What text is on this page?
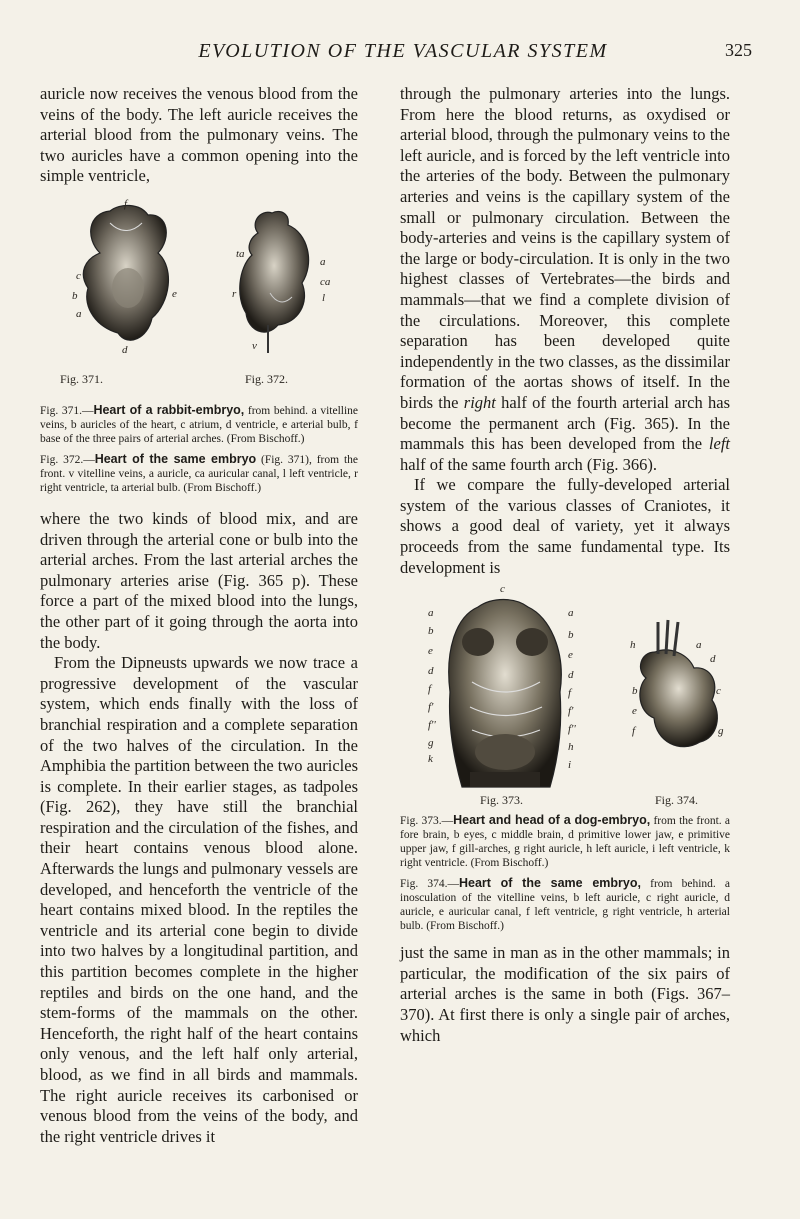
EVOLUTION OF THE VASCULAR SYSTEM	325

auricle now receives the venous blood from the veins of the body. The left auricle receives the arterial blood from the pulmonary veins. The two auricles have a common opening into the simple ventricle,

f
c
b	e
a
d
ta
a
ca
r	l
v
Fig. 371.	Fig. 372.

Fig. 371.—Heart of a rabbit-embryo, from behind. a vitelline veins, b auricles of the heart, c atrium, d ventricle, e arterial bulb, f base of the three pairs of arterial arches. (From Bischoff.)

Fig. 372.—Heart of the same embryo (Fig. 371), from the front. v vitelline veins, a auricle, ca auricular canal, l left ventricle, r right ventricle, ta arterial bulb. (From Bischoff.)

where the two kinds of blood mix, and are driven through the arterial cone or bulb into the arterial arches. From the last arterial arches the pulmonary arteries arise (Fig. 365 p). These force a part of the mixed blood into the lungs, the other part of it going through the aorta into the body.

From the Dipneusts upwards we now trace a progressive development of the vascular system, which ends finally with the loss of branchial respiration and a complete separation of the two halves of the circulation. In the Amphibia the partition between the two auricles is complete. In their earlier stages, as tadpoles (Fig. 262), they have still the branchial respiration and the circulation of the fishes, and their heart contains venous blood alone. Afterwards the lungs and pulmonary vessels are developed, and henceforth the ventricle of the heart contains mixed blood. In the reptiles the ventricle and its arterial cone begin to divide into two halves by a longitudinal partition, and this partition becomes complete in the higher reptiles and birds on the one hand, and the stem-forms of the mammals on the other. Henceforth, the right half of the heart contains only venous, and the left half only arterial, blood, as we find in all birds and mammals. The right auricle receives its carbonised or venous blood from the veins of the body, and the right ventricle drives it

through the pulmonary arteries into the lungs. From here the blood returns, as oxydised or arterial blood, through the pulmonary veins to the left auricle, and is forced by the left ventricle into the arteries of the body. Between the pulmonary arteries and veins is the capillary system of the small or pulmonary circulation. Between the body-arteries and veins is the capillary system of the large or body-circulation. It is only in the two highest classes of Vertebrates—the birds and mammals—that we find a complete division of the circulations. Moreover, this complete separation has been developed quite independently in the two classes, as the dissimilar formation of the aortas shows of itself. In the birds the right half of the fourth arterial arch has become the permanent arch (Fig. 365). In the mammals this has been developed from the left half of the same fourth arch (Fig. 366).

If we compare the fully-developed arterial system of the various classes of Craniotes, it shows a good deal of variety, yet it always proceeds from the same fundamental type. Its development is

c
a
b
e
d
f
f'
f''
g
k
a
b
e
d
f
f'
f''
h
i
h	a
d
b
e
f
c
g
Fig. 373.	Fig. 374.

Fig. 373.—Heart and head of a dog-embryo, from the front. a fore brain, b eyes, c middle brain, d primitive lower jaw, e primitive upper jaw, f gill-arches, g right auricle, h left auricle, i left ventricle, k right ventricle. (From Bischoff.)

Fig. 374.—Heart of the same embryo, from behind. a inosculation of the vitelline veins, b left auricle, c right auricle, d auricle, e auricular canal, f left ventricle, g right ventricle, h arterial bulb. (From Bischoff.)

just the same in man as in the other mammals; in particular, the modification of the six pairs of arterial arches is the same in both (Figs. 367–370). At first there is only a single pair of arches, which
